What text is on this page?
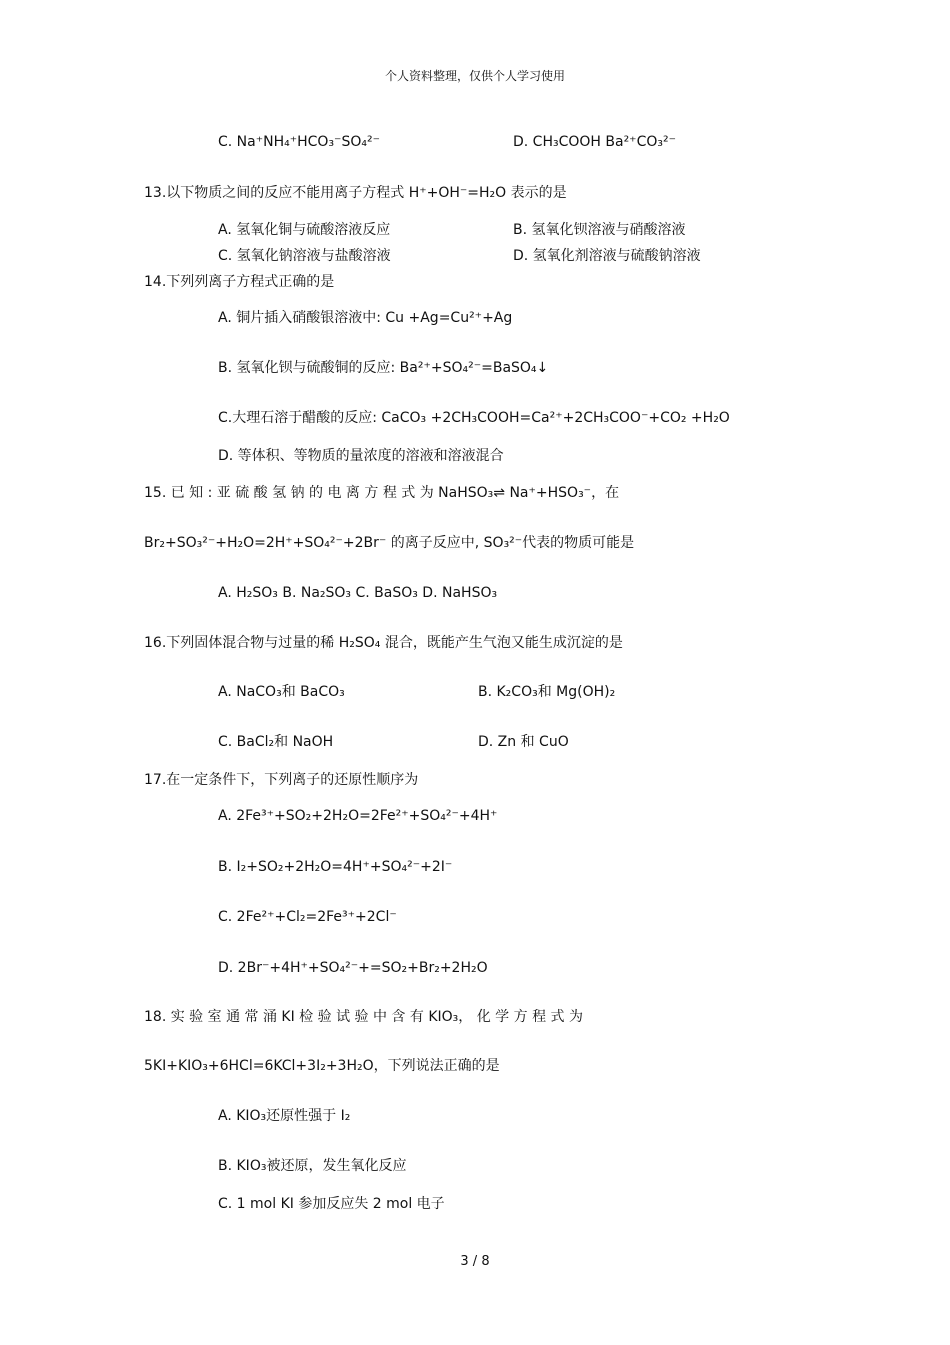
个人资料整理，仅供个人学习使用
C. Na⁺NH₄⁺HCO₃⁻SO₄²⁻	D. CH₃COOH Ba²⁺CO₃²⁻
13.以下物质之间的反应不能用离子方程式 H⁺+OH⁻=H₂O 表示的是
A. 氢氧化铜与硫酸溶液反应	B. 氢氧化钡溶液与硝酸溶液
C. 氢氧化钠溶液与盐酸溶液	D. 氢氧化剂溶液与硫酸钠溶液
14.下列列离子方程式正确的是
A. 铜片插入硝酸银溶液中: Cu +Ag=Cu²⁺+Ag
B. 氢氧化钡与硫酸铜的反应: Ba²⁺+SO₄²⁻=BaSO₄↓
C.大理石溶于醋酸的反应: CaCO₃ +2CH₃COOH=Ca²⁺+2CH₃COO⁻+CO₂ +H₂O
D. 等体积、等物质的量浓度的溶液和溶液混合
15. 已 知 : 亚 硫 酸 氢 钠 的 电 离 方 程 式 为 NaHSO₃⇌ Na⁺+HSO₃⁻，在
Br₂+SO₃²⁻+H₂O=2H⁺+SO₄²⁻+2Br⁻ 的离子反应中, SO₃²⁻代表的物质可能是
A. H₂SO₃ B. Na₂SO₃ C. BaSO₃ D. NaHSO₃
16.下列固体混合物与过量的稀 H₂SO₄ 混合，既能产生气泡又能生成沉淀的是
A. NaCO₃和 BaCO₃	B. K₂CO₃和 Mg(OH)₂
C. BaCl₂和 NaOH	D. Zn 和 CuO
17.在一定条件下，下列离子的还原性顺序为
A. 2Fe³⁺+SO₂+2H₂O=2Fe²⁺+SO₄²⁻+4H⁺
B. I₂+SO₂+2H₂O=4H⁺+SO₄²⁻+2I⁻
C. 2Fe²⁺+Cl₂=2Fe³⁺+2Cl⁻
D. 2Br⁻+4H⁺+SO₄²⁻+=SO₂+Br₂+2H₂O
18. 实 验 室 通 常 涌 KI 检 验 试 验 中 含 有 KIO₃， 化 学 方 程 式 为
5KI+KIO₃+6HCl=6KCl+3I₂+3H₂O，下列说法正确的是
A. KIO₃还原性强于 I₂
B. KIO₃被还原，发生氧化反应
C. 1 mol KI 参加反应失 2 mol 电子
3 / 8
